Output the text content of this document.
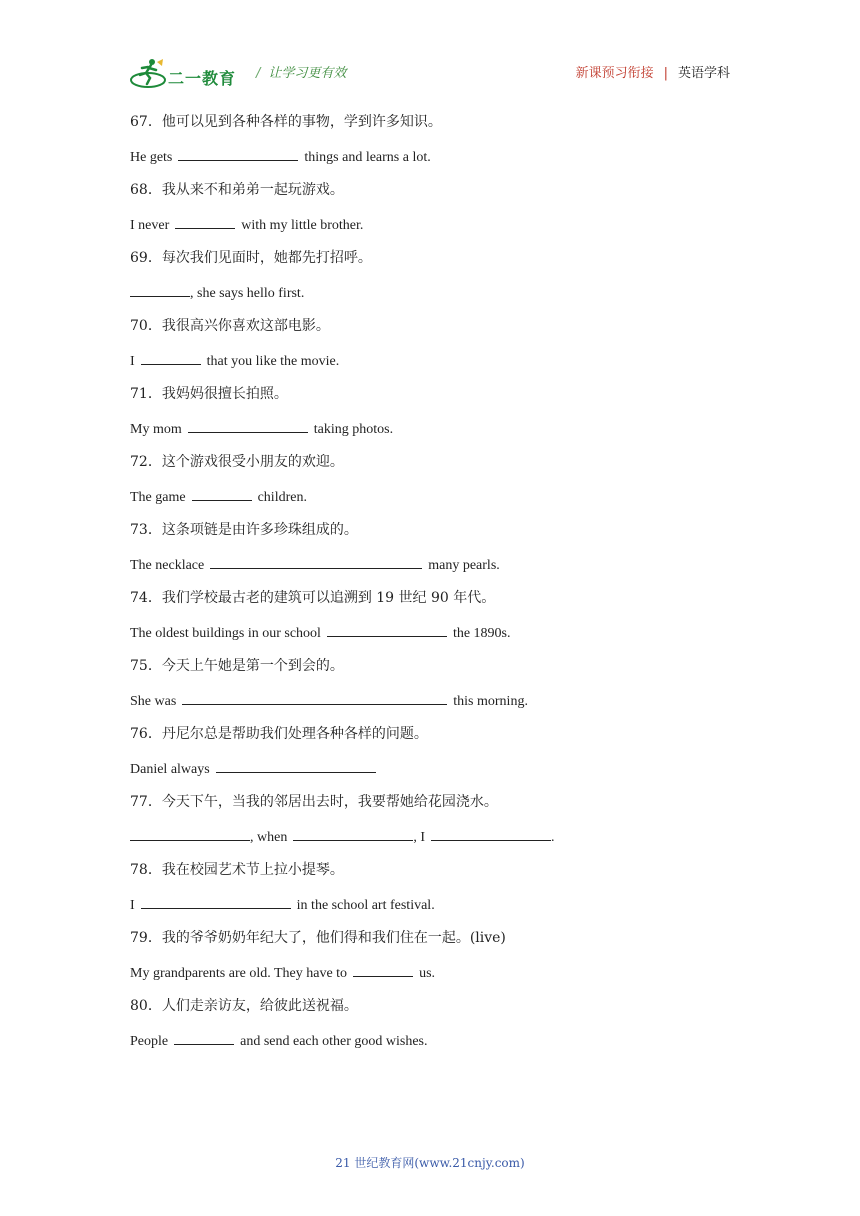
二一教育 / 让学习更有效	新课预习衔接 | 英语学科
67．他可以见到各种各样的事物，学到许多知识。
He gets	things and learns a lot.
68．我从来不和弟弟一起玩游戏。
I never	with my little brother.
69．每次我们见面时，她都先打招呼。
, she says hello first.
70．我很高兴你喜欢这部电影。
I	that you like the movie.
71．我妈妈很擅长拍照。
My mom	taking photos.
72．这个游戏很受小朋友的欢迎。
The game	children.
73．这条项链是由许多珍珠组成的。
The necklace	many pearls.
74．我们学校最古老的建筑可以追溯到 19 世纪 90 年代。
The oldest buildings in our school	the 1890s.
75．今天上午她是第一个到会的。
She was	this morning.
76．丹尼尔总是帮助我们处理各种各样的问题。
Daniel always
77．今天下午，当我的邻居出去时，我要帮她给花园浇水。
, when	, I	.
78．我在校园艺术节上拉小提琴。
I	in the school art festival.
79．我的爷爷奶奶年纪大了，他们得和我们住在一起。(live)
My grandparents are old. They have to	us.
80．人们走亲访友，给彼此送祝福。
People	and send each other good wishes.
21 世纪教育网(www.21cnjy.com)
